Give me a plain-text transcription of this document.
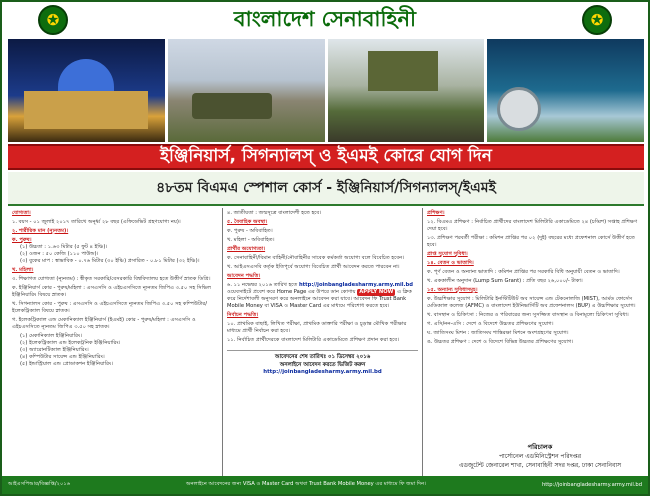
✪	বাংলাদেশ সেনাবাহিনী	✪
ইঞ্জিনিয়ার্স, সিগন্যালস্ ও ইএমই কোরে যোগ দিন
৪৮তম বিএমএ স্পেশাল কোর্স - ইঞ্জিনিয়ার্স/সিগন্যালস্/ইএমই
যোগ্যতা।
১. বয়স - ০১ জুলাই ২০১৭ তারিখে অনূর্ধ্ব ২৮ বছর (এফিডেভিট গ্রহণযোগ্য নয়)।
২. শারীরিক মান (ন্যূনতম)।
ক. পুরুষ।
(১) উচ্চতা : ১.৬৩ মিটার (৫ ফুট ৪ ইঞ্চি)।
(২) ওজন : ৫০ কেজি (১১০ পাউন্ড)।
(৩) বুকের মাপ : স্বাভাবিক - ০.৭৬ মিটার (৩০ ইঞ্চি) প্রসারিত - ০.৮১ মিটার (৩২ ইঞ্চি)।
খ. মহিলা।
৩. শিক্ষাগত যোগ্যতা (ন্যূনতম) : স্বীকৃত সরকারি/বেসরকারি বিশ্ববিদ্যালয় হতে উত্তীর্ণ স্নাতক ডিগ্রি।
ক. ইঞ্জিনিয়ার্স কোর - পুরুষ/মহিলা : এসএসসি ও এইচএসসিতে ন্যূনতম জিপিএ ৩.৫০ সহ সিভিল ইঞ্জিনিয়ারিং বিষয়ে স্নাতক।
খ. সিগন্যালস কোর - পুরুষ : এসএসসি ও এইচএসসিতে ন্যূনতম জিপিএ ৩.৫০ সহ কম্পিউটার/ইলেকট্রিক্যাল বিষয়ে স্নাতক।
গ. ইলেকট্রিক্যাল এন্ড মেকানিক্যাল ইঞ্জিনিয়ার্স (ইএমই) কোর - পুরুষ/মহিলা : এসএসসি ও এইচএসসিতে ন্যূনতম জিপিএ ৩.৫০ সহ স্নাতক।
(১) মেকানিক্যাল ইঞ্জিনিয়ারিং।
(২) ইলেকট্রিক্যাল এন্ড ইলেকট্রনিক ইঞ্জিনিয়ারিং।
(৩) অ্যারোনটিক্যাল ইঞ্জিনিয়ারিং।
(৪) কম্পিউটার সায়েন্স এন্ড ইঞ্জিনিয়ারিং।
(৫) ইন্ডাস্ট্রিয়াল এন্ড প্রোডাকশন ইঞ্জিনিয়ারিং।
৪. জাতীয়তা : জন্মসূত্রে বাংলাদেশী হতে হবে।
৫. বৈবাহিক অবস্থা।
ক. পুরুষ - অবিবাহিত।
খ. মহিলা - অবিবাহিত।
প্রার্থীর অযোগ্যতা।
ক. সেনাবাহিনী/বিমান বাহিনী/নৌবাহিনীর সাবেক কর্মকর্তা অযোগ্য বলে বিবেচিত হবেন।
খ. আইএসএসবি কর্তৃক ইতিপূর্বে অযোগ্য বিবেচিত প্রার্থী আবেদন করতে পারবেন না।
আবেদন পদ্ধতি।
৬. ১১ নভেম্বর ২০১৬ তারিখ হতে http://joinbangladesharmy.army.mil.bd ওয়েবসাইটে প্রবেশ করে Home Page এর উপরে ডান কোণায় APPLY NOW এ ক্লিক করে নির্দেশাবলী অনুসরণ করে অনলাইনে আবেদন করা যাবে। আবেদন ফি Trust Bank Mobile Money বা VISA ও Master Card এর মাধ্যমে পরিশোধ করতে হবে।
নির্বাচন পদ্ধতি।
১০. প্রাথমিক বাছাই, লিখিত পরীক্ষা, প্রাথমিক ডাক্তারি পরীক্ষা ও চূড়ান্ত মৌখিক পরীক্ষার মাধ্যমে প্রার্থী নির্বাচন করা হবে।
১১. নির্বাচিত প্রার্থীদেরকে বাংলাদেশ মিলিটারি একাডেমিতে প্রশিক্ষণ প্রদান করা হবে।
আবেদনের শেষ তারিখঃ ০১ ডিসেম্বর ২০১৬
অনলাইনে আবেদন করতে ভিজিট করুন
http://joinbangladesharmy.army.mil.bd
প্রশিক্ষণ।
১২. বিএমএ প্রশিক্ষণ : নির্বাচিত প্রার্থীদের বাংলাদেশ মিলিটারি একাডেমিতে ২৪ (চব্বিশ) সপ্তাহ প্রশিক্ষণ দেয়া হবে।
১৩. প্রশিক্ষণ পরবর্তী পরীক্ষা : কমিশন প্রাপ্তির পর ০২ (দুই) বছরের মধ্যে প্রফেশনাল কোর্সে উত্তীর্ণ হতে হবে।
প্রাপ্ত সুযোগ সুবিধা।
১৪. বেতন ও ভাতাদি।
ক. পূর্ণ বেতন ও অন্যান্য ভাতাদি : কমিশন প্রাপ্তির পর সরকারি বিধি অনুযায়ী বেতন ও ভাতাদি।
খ. এককালীন অনুদান (Lump Sum Grant) : প্রতি বছর ২৬,০০০/- টাকা।
১৫. অন্যান্য সুবিধাসমূহ।
ক. উচ্চশিক্ষার সুযোগ : মিলিটারি ইনস্টিটিউট অব সায়েন্স এন্ড টেকনোলজি (MIST), আর্মড ফোর্সেস মেডিক্যাল কলেজ (AFMC) ও বাংলাদেশ ইউনিভার্সিটি অব প্রফেশনালস (BUP) এ উচ্চশিক্ষার সুযোগ।
খ. বাসস্থান ও চিকিৎসা : নিজের ও পরিবারের জন্য সুসজ্জিত বাসস্থান ও বিনামূল্যে চিকিৎসা সুবিধা।
গ. এসি/নন-এসি : দেশে ও বিদেশে উচ্চতর প্রশিক্ষণের সুযোগ।
ঘ. জাতিসংঘ মিশন : জাতিসংঘ শান্তিরক্ষা মিশনে অংশগ্রহণের সুযোগ।
ঙ. উচ্চতর প্রশিক্ষণ : দেশে ও বিদেশে বিভিন্ন উচ্চতর প্রশিক্ষণের সুযোগ।
পরিচালক
পার্সোনেল এডমিনিস্ট্রেশন পরিদপ্তর
এডজুটেন্ট জেনারেল শাখা, সেনাবাহিনী সদর দপ্তর, ঢাকা সেনানিবাস
আইএসপিআর/বিজ্ঞপ্তি/২০১৬	অনলাইনে আবেদনের জন্য VISA ও Master Card অথবা Trust Bank Mobile Money এর মাধ্যমে ফি জমা দিন।	http://joinbangladesharmy.army.mil.bd
